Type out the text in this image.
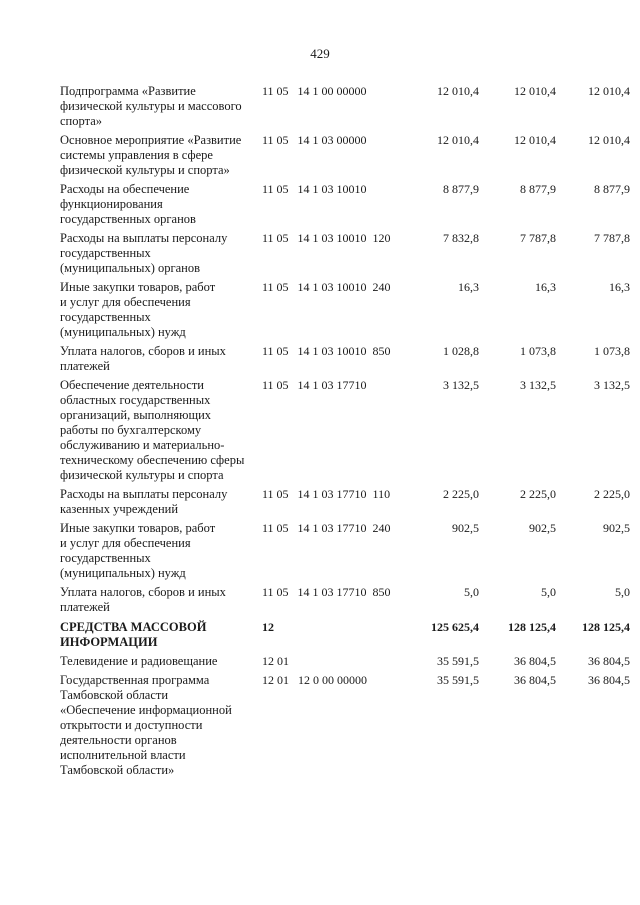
429
Подпрограмма «Развитие
физической культуры и массового
спорта»
11 05   14 1 00 00000	12 010,4	12 010,4	12 010,4
Основное мероприятие «Развитие
системы управления в сфере
физической культуры и спорта»
11 05   14 1 03 00000	12 010,4	12 010,4	12 010,4
Расходы на обеспечение
функционирования
государственных органов
11 05   14 1 03 10010	8 877,9	8 877,9	8 877,9
Расходы на выплаты персоналу
государственных
(муниципальных) органов
11 05   14 1 03 10010  120	7 832,8	7 787,8	7 787,8
Иные закупки товаров, работ
и услуг для обеспечения
государственных
(муниципальных) нужд
11 05   14 1 03 10010  240	16,3	16,3	16,3
Уплата налогов, сборов и иных
платежей
11 05   14 1 03 10010  850	1 028,8	1 073,8	1 073,8
Обеспечение деятельности
областных государственных
организаций, выполняющих
работы по бухгалтерскому
обслуживанию и материально-
техническому обеспечению сферы
физической культуры и спорта
11 05   14 1 03 17710	3 132,5	3 132,5	3 132,5
Расходы на выплаты персоналу
казенных учреждений
11 05   14 1 03 17710  110	2 225,0	2 225,0	2 225,0
Иные закупки товаров, работ
и услуг для обеспечения
государственных
(муниципальных) нужд
11 05   14 1 03 17710  240	902,5	902,5	902,5
Уплата налогов, сборов и иных
платежей
11 05   14 1 03 17710  850	5,0	5,0	5,0
СРЕДСТВА МАССОВОЙ
ИНФОРМАЦИИ
12	125 625,4	128 125,4	128 125,4
Телевидение и радиовещание	12 01	35 591,5	36 804,5	36 804,5
Государственная программа
Тамбовской области
«Обеспечение информационной
открытости и доступности
деятельности органов
исполнительной власти
Тамбовской области»
12 01   12 0 00 00000	35 591,5	36 804,5	36 804,5
